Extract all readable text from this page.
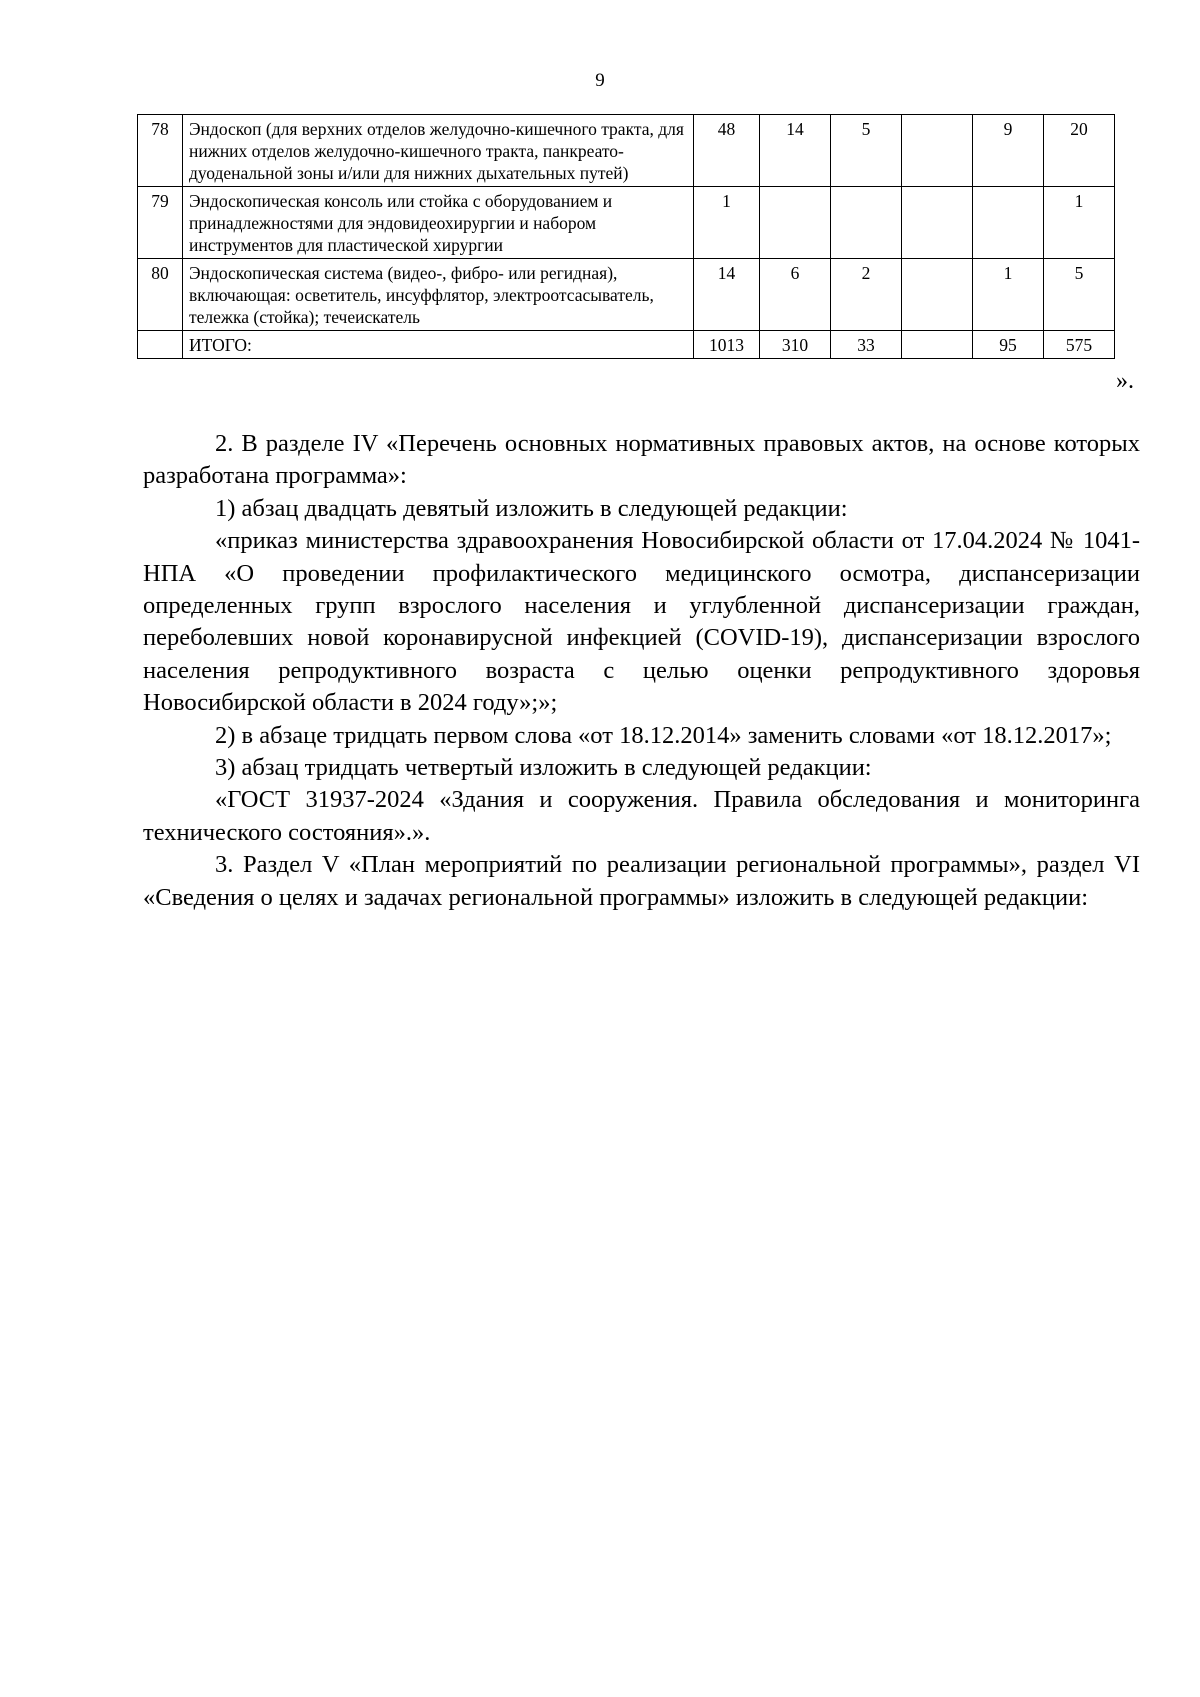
9
78	Эндоскоп (для верхних отделов желудочно-кишечного тракта, для нижних отделов желудочно-кишечного тракта, панкреато-дуоденальной зоны и/или для нижних дыхательных путей)	48	14	5		9	20
79	Эндоскопическая консоль или стойка с оборудованием и принадлежностями для эндовидеохирургии и набором инструментов для пластической хирургии	1					1
80	Эндоскопическая система (видео-, фибро- или регидная), включающая: осветитель, инсуффлятор, электроотсасыватель, тележка (стойка); течеискатель	14	6	2		1	5
	ИТОГО:	1013	310	33		95	575
».

2. В разделе IV «Перечень основных нормативных правовых актов, на основе которых разработана программа»:

1) абзац двадцать девятый изложить в следующей редакции:

«приказ министерства здравоохранения Новосибирской области от 17.04.2024 № 1041-НПА «О проведении профилактического медицинского осмотра, диспансеризации определенных групп взрослого населения и углубленной диспансеризации граждан, переболевших новой коронавирусной инфекцией (COVID-19), диспансеризации взрослого населения репродуктивного возраста с целью оценки репродуктивного здоровья Новосибирской области в 2024 году»;»;

2) в абзаце тридцать первом слова «от 18.12.2014» заменить словами «от 18.12.2017»;

3) абзац тридцать четвертый изложить в следующей редакции:

«ГОСТ 31937-2024 «Здания и сооружения. Правила обследования и мониторинга технического состояния».».

3. Раздел V «План мероприятий по реализации региональной программы», раздел VI «Сведения о целях и задачах региональной программы» изложить в следующей редакции:
